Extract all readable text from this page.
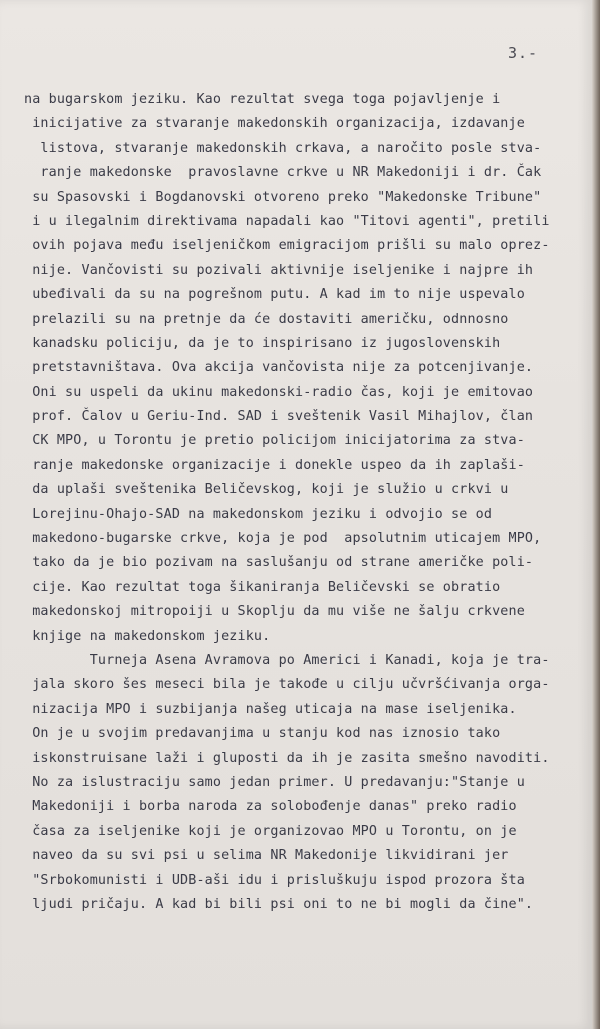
3.-
na bugarskom jeziku. Kao rezultat svega toga pojavljenje i
inicijative za stvaranje makedonskih organizacija, izdavanje
listova, stvaranje makedonskih crkava, a naročito posle stva-
ranje makedonske  pravoslavne crkve u NR Makedoniji i dr. Čak
su Spasovski i Bogdanovski otvoreno preko "Makedonske Tribune"
i u ilegalnim direktivama napadali kao "Titovi agenti", pretili
ovih pojava među iseljeničkom emigracijom prišli su malo oprez-
nije. Vančovisti su pozivali aktivnije iseljenike i najpre ih
ubeđivali da su na pogrešnom putu. A kad im to nije uspevalo
prelazili su na pretnje da će dostaviti američku, odnnosno
kanadsku policiju, da je to inspirisano iz jugoslovenskih
pretstavništava. Ova akcija vančovista nije za potcenjivanje.
Oni su uspeli da ukinu makedonski-radio čas, koji je emitovao
prof. Čalov u Geriu-Ind. SAD i sveštenik Vasil Mihajlov, član
CK MPO, u Torontu je pretio policijom inicijatorima za stva-
ranje makedonske organizacije i donekle uspeo da ih zaplaši-
da uplaši sveštenika Beličevskog, koji je služio u crkvi u
Lorejinu-Ohajo-SAD na makedonskom jeziku i odvojio se od
makedono-bugarske crkve, koja je pod  apsolutnim uticajem MPO,
tako da je bio pozivam na saslušanju od strane američke poli-
cije. Kao rezultat toga šikaniranja Beličevski se obratio
makedonskoj mitropoiji u Skoplju da mu više ne šalju crkvene
knjige na makedonskom jeziku.
Turneja Asena Avramova po Americi i Kanadi, koja je tra-
jala skoro šes meseci bila je takođe u cilju učvršćivanja orga-
nizacija MPO i suzbijanja našeg uticaja na mase iseljenika.
On je u svojim predavanjima u stanju kod nas iznosio tako
iskonstruisane laži i gluposti da ih je zasita smešno navoditi.
No za islustraciju samo jedan primer. U predavanju:"Stanje u
Makedoniji i borba naroda za solobođenje danas" preko radio
časa za iseljenike koji je organizovao MPO u Torontu, on je
naveo da su svi psi u selima NR Makedonije likvidirani jer
"Srbokomunisti i UDB-aši idu i prisluškuju ispod prozora šta
ljudi pričaju. A kad bi bili psi oni to ne bi mogli da čine".
